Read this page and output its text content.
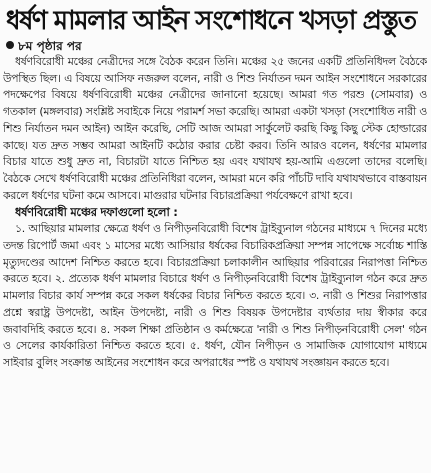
ধর্ষণ মামলার আইন সংশোধনে খসড়া প্রস্তুত
৮ম পৃষ্ঠার পর

ধর্ষণবিরোধী মঞ্চের নেত্রীদের সঙ্গে বৈঠক করেন তিনি। মঞ্চের ২৫ জনের একটি প্রতিনিধিদল বৈঠকে উপস্থিত ছিল। এ বিষয়ে আসিফ নজরুল বলেন, নারী ও শিশু নির্যাতন দমন আইন সংশোধনে সরকারের পদক্ষেপের বিষয়ে ধর্ষণবিরোধী মঞ্চের নেত্রীদের জানানো হয়েছে। আমরা গত পরশু (সোমবার) ও গতকাল (মঙ্গলবার) সংশ্লিষ্ট সবাইকে নিয়ে পরামর্শ সভা করেছি। আমরা একটা খসড়া (সংশোধিত নারী ও শিশু নির্যাতন দমন আইন) আইন করেছি, সেটি আজ আমরা সার্কুলেট করছি কিছু কিছু স্টেক হোল্ডারের কাছে। যত দ্রুত সম্ভব আমরা আইনটি কঠোর করার চেষ্টা করব। তিনি আরও বলেন, ধর্ষণের মামলার বিচার যাতে শুধু দ্রুত না, বিচারটা যাতে নিশ্চিত হয় এবং যথাযথ হয়-আমি এগুলো তাদের বলেছি। বৈঠকে সেখে ধর্ষণবিরোধী মঞ্চের প্রতিনিধিরা বলেন, আমরা মনে করি পাঁচটি দাবি যথাযথভাবে বাস্তবায়ন করলে ধর্ষণের ঘটনা কমে আসবে। মাগুরার ঘটনার বিচারপ্রক্রিয়া পর্যবেক্ষণে রাখা হবে।

ধর্ষণবিরোধী মঞ্চের দফাগুলো হলো :

১. আছিয়ার মামলার ক্ষেত্রে ধর্ষণ ও নিপীড়নবিরোধী বিশেষ ট্রাইব্যুনাল গঠনের মাধ্যমে ৭ দিনের মধ্যে তদন্ত রিপোর্ট জমা এবং ১ মাসের মধ্যে আসিয়ার ধর্ষকের বিচারিকপ্রক্রিয়া সম্পন্ন সাপেক্ষে সর্বোচ্চ শাস্তি মৃত্যুদণ্ডের আদেশ নিশ্চিত করতে হবে। বিচারপ্রক্রিয়া চলাকালীন আছিয়ার পরিবারের নিরাপত্তা নিশ্চিত করতে হবে। ২. প্রত্যেক ধর্ষণ মামলার বিচারে ধর্ষণ ও নিপীড়নবিরোধী বিশেষ ট্রাইব্যুনাল গঠন করে দ্রুত মামলার বিচার কার্য সম্পন্ন করে সকল ধর্ষকের বিচার নিশ্চিত করতে হবে। ৩. নারী ও শিশুর নিরাপত্তার প্রশ্নে স্বরাষ্ট্র উপদেষ্টা, আইন উপদেষ্টা, নারী ও শিশু বিষয়ক উপদেষ্টার ব্যর্থতার দায় স্বীকার করে জবাবদিহি করতে হবে। ৪. সকল শিক্ষা প্রতিষ্ঠান ও কর্মক্ষেত্রে 'নারী ও শিশু নিপীড়নবিরোধী সেল' গঠন ও সেলের কার্যকারিতা নিশ্চিত করতে হবে। ৫. ধর্ষণ, যৌন নিপীড়ন ও সামাজিক যোগাযোগ মাধ্যমে সাইবার বুলিং সংক্রান্ত আইনের সংশোধন করে অপরাধের স্পষ্ট ও যথাযথ সংজ্ঞায়ন করতে হবে।
